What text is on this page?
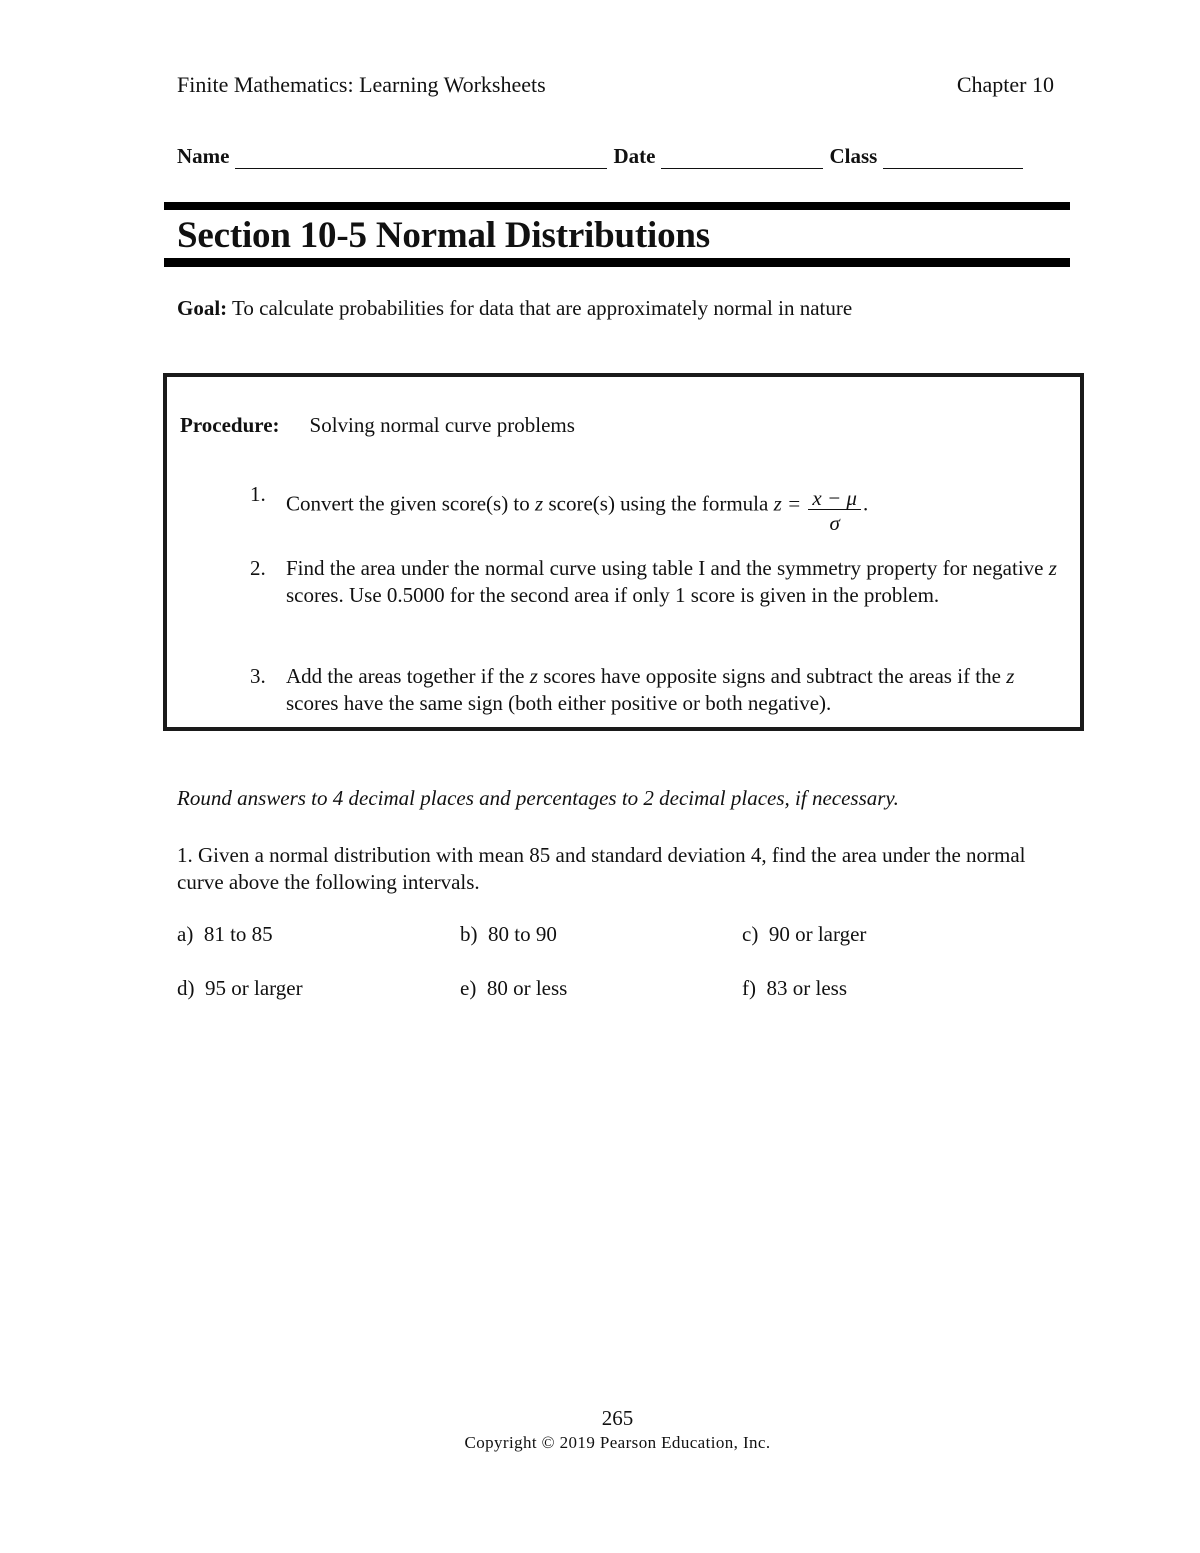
Finite Mathematics: Learning Worksheets	Chapter 10
Name	Date	Class
Section 10-5 Normal Distributions
Goal: To calculate probabilities for data that are approximately normal in nature
Procedure: Solving normal curve problems
1. Convert the given score(s) to z score(s) using the formula $z = \frac{x - \mu}{\sigma}$ .
2. Find the area under the normal curve using table I and the symmetry property for negative z scores. Use 0.5000 for the second area if only 1 score is given in the problem.
3. Add the areas together if the z scores have opposite signs and subtract the areas if the z scores have the same sign (both either positive or both negative).
Round answers to 4 decimal places and percentages to 2 decimal places, if necessary.
1. Given a normal distribution with mean 85 and standard deviation 4, find the area under the normal curve above the following intervals.
a) 81 to 85	b) 80 to 90	c) 90 or larger
d) 95 or larger	e) 80 or less	f) 83 or less
265
Copyright © 2019 Pearson Education, Inc.
